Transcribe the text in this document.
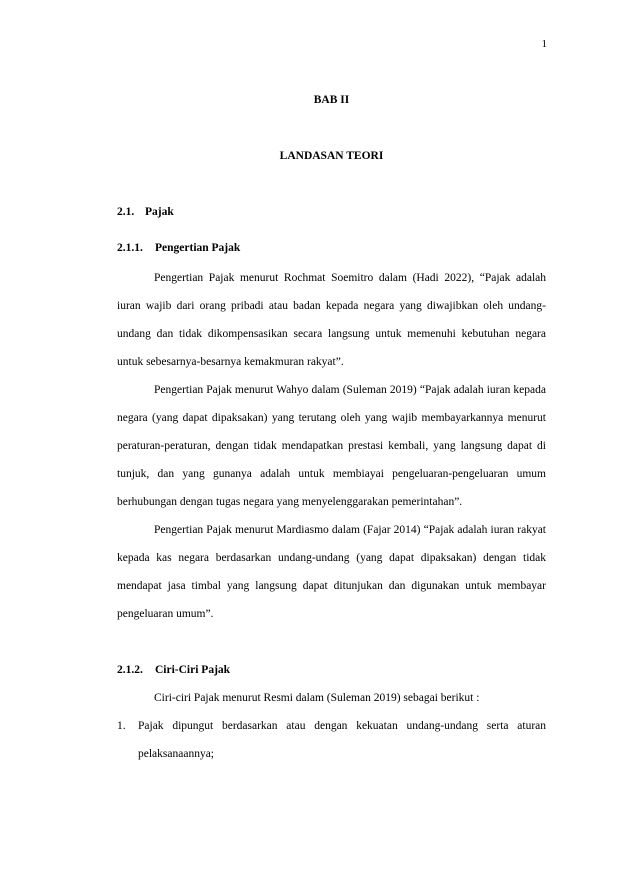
1
BAB II
LANDASAN TEORI
2.1. Pajak
2.1.1. Pengertian Pajak

Pengertian Pajak menurut Rochmat Soemitro dalam (Hadi 2022), “Pajak adalah iuran wajib dari orang pribadi atau badan kepada negara yang diwajibkan oleh undang-undang dan tidak dikompensasikan secara langsung untuk memenuhi kebutuhan negara untuk sebesarnya-besarnya kemakmuran rakyat”.

Pengertian Pajak menurut Wahyo dalam (Suleman 2019) “Pajak adalah iuran kepada negara (yang dapat dipaksakan) yang terutang oleh yang wajib membayarkannya menurut peraturan-peraturan, dengan tidak mendapatkan prestasi kembali, yang langsung dapat di tunjuk, dan yang gunanya adalah untuk membiayai pengeluaran-pengeluaran umum berhubungan dengan tugas negara yang menyelenggarakan pemerintahan”.

Pengertian Pajak menurut Mardiasmo dalam (Fajar 2014) “Pajak adalah iuran rakyat kepada kas negara berdasarkan undang-undang (yang dapat dipaksakan) dengan tidak mendapat jasa timbal yang langsung dapat ditunjukan dan digunakan untuk membayar pengeluaran umum”.

2.1.2. Ciri-Ciri Pajak

Ciri-ciri Pajak menurut Resmi dalam (Suleman 2019) sebagai berikut :

1.	Pajak dipungut berdasarkan atau dengan kekuatan undang-undang serta aturan pelaksanaannya;
